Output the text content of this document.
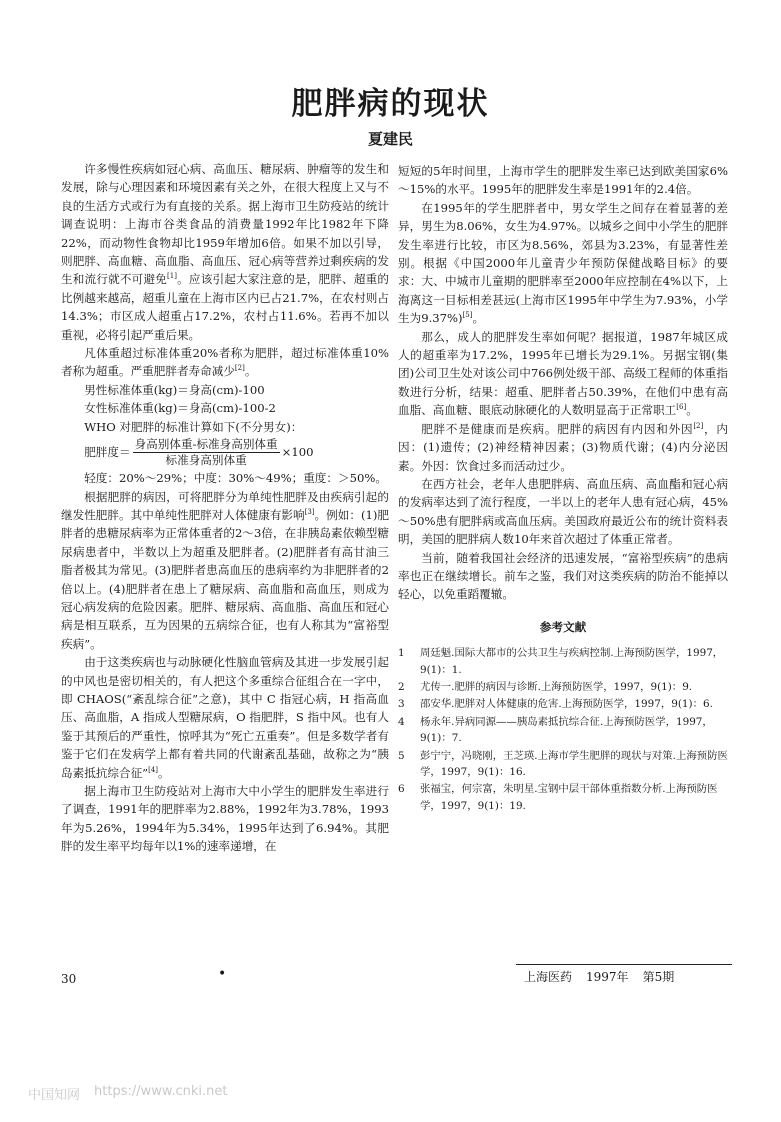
肥胖病的现状
夏建民

许多慢性疾病如冠心病、高血压、糖尿病、肿瘤等的发生和发展，除与心理因素和环境因素有关之外，在很大程度上又与不良的生活方式或行为有直接的关系。据上海市卫生防疫站的统计调查说明：上海市谷类食品的消费量1992年比1982年下降22%，而动物性食物却比1959年增加6倍。如果不加以引导，则肥胖、高血糖、高血脂、高血压、冠心病等营养过剩疾病的发生和流行就不可避免[1]。应该引起大家注意的是，肥胖、超重的比例越来越高，超重儿童在上海市区内已占21.7%，在农村则占14.3%；市区成人超重占17.2%，农村占11.6%。若再不加以重视，必将引起严重后果。

凡体重超过标准体重20%者称为肥胖，超过标准体重10%者称为超重。严重肥胖者寿命减少[2]。

男性标准体重(kg)＝身高(cm)-100

女性标准体重(kg)＝身高(cm)-100-2

WHO 对肥胖的标准计算如下(不分男女)：

肥胖度＝ $\frac{\text{身高别体重-标准身高别体重}}{\text{标准身高别体重}} \times 100$

轻度：20%～29%；中度：30%～49%；重度：＞50%。

根据肥胖的病因，可将肥胖分为单纯性肥胖及由疾病引起的继发性肥胖。其中单纯性肥胖对人体健康有影响[3]。例如：(1)肥胖者的患糖尿病率为正常体重者的2～3倍，在非胰岛素依赖型糖尿病患者中，半数以上为超重及肥胖者。(2)肥胖者有高甘油三脂者极其为常见。(3)肥胖者患高血压的患病率约为非肥胖者的2倍以上。(4)肥胖者在患上了糖尿病、高血脂和高血压，则成为冠心病发病的危险因素。肥胖、糖尿病、高血脂、高血压和冠心病是相互联系，互为因果的五病综合征，也有人称其为“富裕型疾病”。

由于这类疾病也与动脉硬化性脑血管病及其进一步发展引起的中风也是密切相关的，有人把这个多重综合征组合在一字中，即 CHAOS(“紊乱综合征”之意)，其中 C 指冠心病，H 指高血压、高血脂，A 指成人型糖尿病，O 指肥胖，S 指中风。也有人鉴于其预后的严重性，惊呼其为“死亡五重奏”。但是多数学者有鉴于它们在发病学上都有着共同的代谢紊乱基础，故称之为“胰岛素抵抗综合征”[4]。

据上海市卫生防疫站对上海市大中小学生的肥胖发生率进行了调查，1991年的肥胖率为2.88%，1992年为3.78%，1993年为5.26%，1994年为5.34%，1995年达到了6.94%。其肥胖的发生率平均每年以1%的速率递增，在

短短的5年时间里，上海市学生的肥胖发生率已达到欧美国家6%～15%的水平。1995年的肥胖发生率是1991年的2.4倍。

在1995年的学生肥胖者中，男女学生之间存在着显著的差异，男生为8.06%，女生为4.97%。以城乡之间中小学生的肥胖发生率进行比较，市区为8.56%，郊县为3.23%，有显著性差别。根据《中国2000年儿童青少年预防保健战略目标》的要求：大、中城市儿童期的肥胖率至2000年应控制在4%以下，上海离这一目标相差甚远(上海市区1995年中学生为7.93%，小学生为9.37%)[5]。

那么，成人的肥胖发生率如何呢？据报道，1987年城区成人的超重率为17.2%，1995年已增长为29.1%。另据宝钢(集团)公司卫生处对该公司中766例处级干部、高级工程师的体重指数进行分析，结果：超重、肥胖者占50.39%，在他们中患有高血脂、高血糖、眼底动脉硬化的人数明显高于正常职工[6]。

肥胖不是健康而是疾病。肥胖的病因有内因和外因[2]，内因：(1)遗传；(2)神经精神因素；(3)物质代谢；(4)内分泌因素。外因：饮食过多而活动过少。

在西方社会，老年人患肥胖病、高血压病、高血酯和冠心病的发病率达到了流行程度，一半以上的老年人患有冠心病，45%～50%患有肥胖病或高血压病。美国政府最近公布的统计资料表明，美国的肥胖病人数10年来首次超过了体重正常者。

当前，随着我国社会经济的迅速发展，“富裕型疾病”的患病率也正在继续增长。前车之鉴，我们对这类疾病的防治不能掉以轻心，以免重蹈覆辙。

参考文献
1	周廷魁.国际大都市的公共卫生与疾病控制.上海预防医学，1997，9(1)：1.
2	尤传一.肥胖的病因与诊断.上海预防医学，1997，9(1)：9.
3	邵安华.肥胖对人体健康的危害.上海预防医学，1997，9(1)：6.
4	杨永年.异病同源——胰岛素抵抗综合征.上海预防医学，1997，9(1)：7.
5	彭宁宁，冯晓刚，王芝瑛.上海市学生肥胖的现状与对策.上海预防医学，1997，9(1)：16.
6	张福宝，何宗富，朱明星.宝钢中层干部体重指数分析.上海预防医学，1997，9(1)：19.
30	•	上海医药 1997年 第5期
中国知网 https://www.cnki.net
